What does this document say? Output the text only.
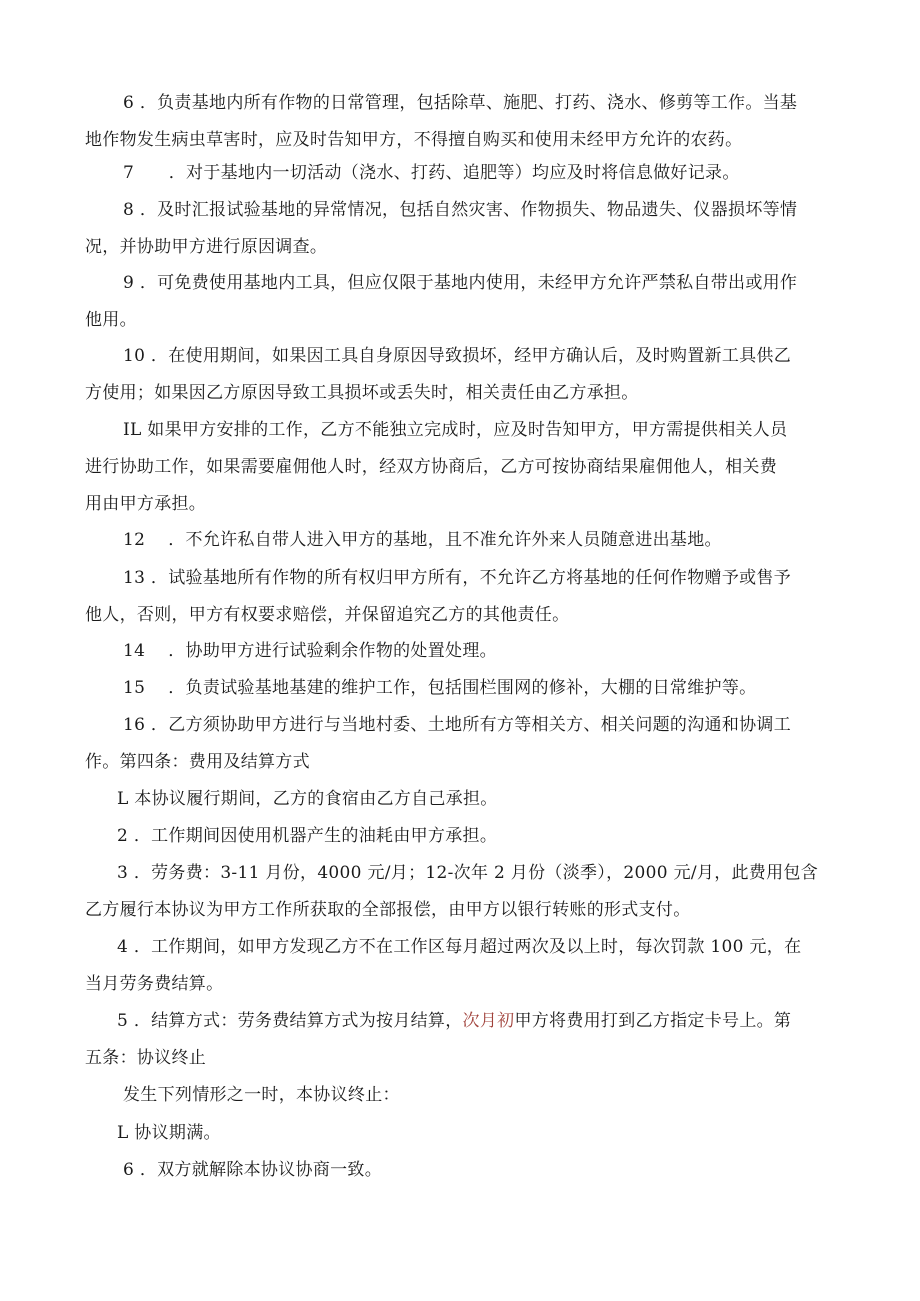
6 ．负责基地内所有作物的日常管理，包括除草、施肥、打药、浇水、修剪等工作。当基
地作物发生病虫草害时，应及时告知甲方，不得擅自购买和使用未经甲方允许的农药。

7　　．对于基地内一切活动（浇水、打药、追肥等）均应及时将信息做好记录。

8 ．及时汇报试验基地的异常情况，包括自然灾害、作物损失、物品遗失、仪器损坏等情
况，并协助甲方进行原因调查。

9 ．可免费使用基地内工具，但应仅限于基地内使用，未经甲方允许严禁私自带出或用作
他用。

10 ．在使用期间，如果因工具自身原因导致损坏，经甲方确认后，及时购置新工具供乙
方使用；如果因乙方原因导致工具损坏或丢失时，相关责任由乙方承担。

IL 如果甲方安排的工作，乙方不能独立完成时，应及时告知甲方，甲方需提供相关人员
进行协助工作，如果需要雇佣他人时，经双方协商后，乙方可按协商结果雇佣他人，相关费
用由甲方承担。

12　 ．不允许私自带人进入甲方的基地，且不准允许外来人员随意进出基地。

13 ．试验基地所有作物的所有权归甲方所有，不允许乙方将基地的任何作物赠予或售予
他人，否则，甲方有权要求赔偿，并保留追究乙方的其他责任。

14　 ．协助甲方进行试验剩余作物的处置处理。

15　 ．负责试验基地基建的维护工作，包括围栏围网的修补，大棚的日常维护等。

16 ．乙方须协助甲方进行与当地村委、土地所有方等相关方、相关问题的沟通和协调工
作。第四条：费用及结算方式

L 本协议履行期间，乙方的食宿由乙方自己承担。

2 ．工作期间因使用机器产生的油耗由甲方承担。

3 ．劳务费：3-11 月份，4000 元/月；12-次年 2 月份（淡季），2000 元/月，此费用包含
乙方履行本协议为甲方工作所获取的全部报偿，由甲方以银行转账的形式支付。

4 ．工作期间，如甲方发现乙方不在工作区每月超过两次及以上时，每次罚款 100 元，在
当月劳务费结算。

5 ．结算方式：劳务费结算方式为按月结算，次月初甲方将费用打到乙方指定卡号上。第
五条：协议终止

发生下列情形之一时，本协议终止：

L 协议期满。

6 ．双方就解除本协议协商一致。
